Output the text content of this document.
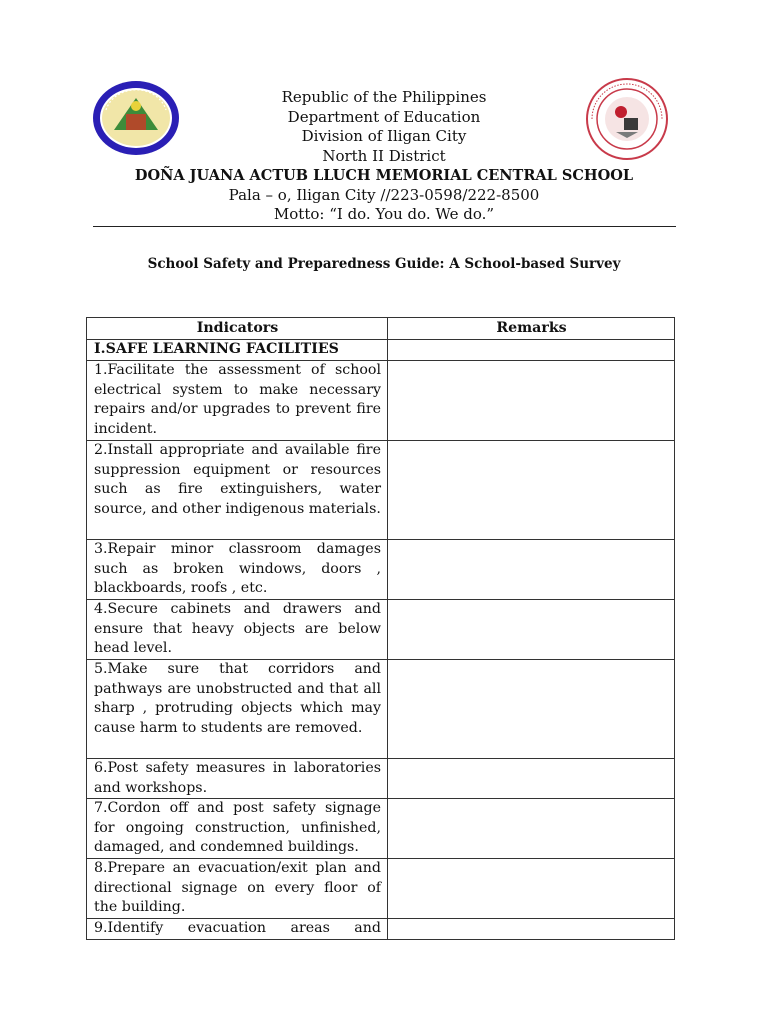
Republic of the Philippines
Department of Education
Division of Iligan City
North II District
DOÑA JUANA ACTUB LLUCH MEMORIAL CENTRAL SCHOOL
Pala – o, Iligan City //223-0598/222-8500
Motto: “I do. You do. We do.”
School Safety and Preparedness Guide: A School-based Survey
Indicators	Remarks
I.SAFE LEARNING FACILITIES	
1.Facilitate the assessment of school electrical system to make necessary repairs and/or upgrades to prevent fire incident.	
2.Install appropriate and available fire suppression equipment or resources such as fire extinguishers, water source, and other indigenous materials.	
3.Repair minor classroom damages such as broken windows, doors , blackboards, roofs , etc.	
4.Secure cabinets and drawers and ensure that heavy objects are below head level.	
5.Make sure that corridors and pathways are unobstructed and that all sharp , protruding objects which may cause harm to students are removed.	
6.Post safety measures in laboratories and workshops.	
7.Cordon off and post safety signage for ongoing construction, unfinished, damaged, and condemned buildings.	
8.Prepare an evacuation/exit plan and directional signage on every floor of the building.	
9.Identify evacuation areas and	
